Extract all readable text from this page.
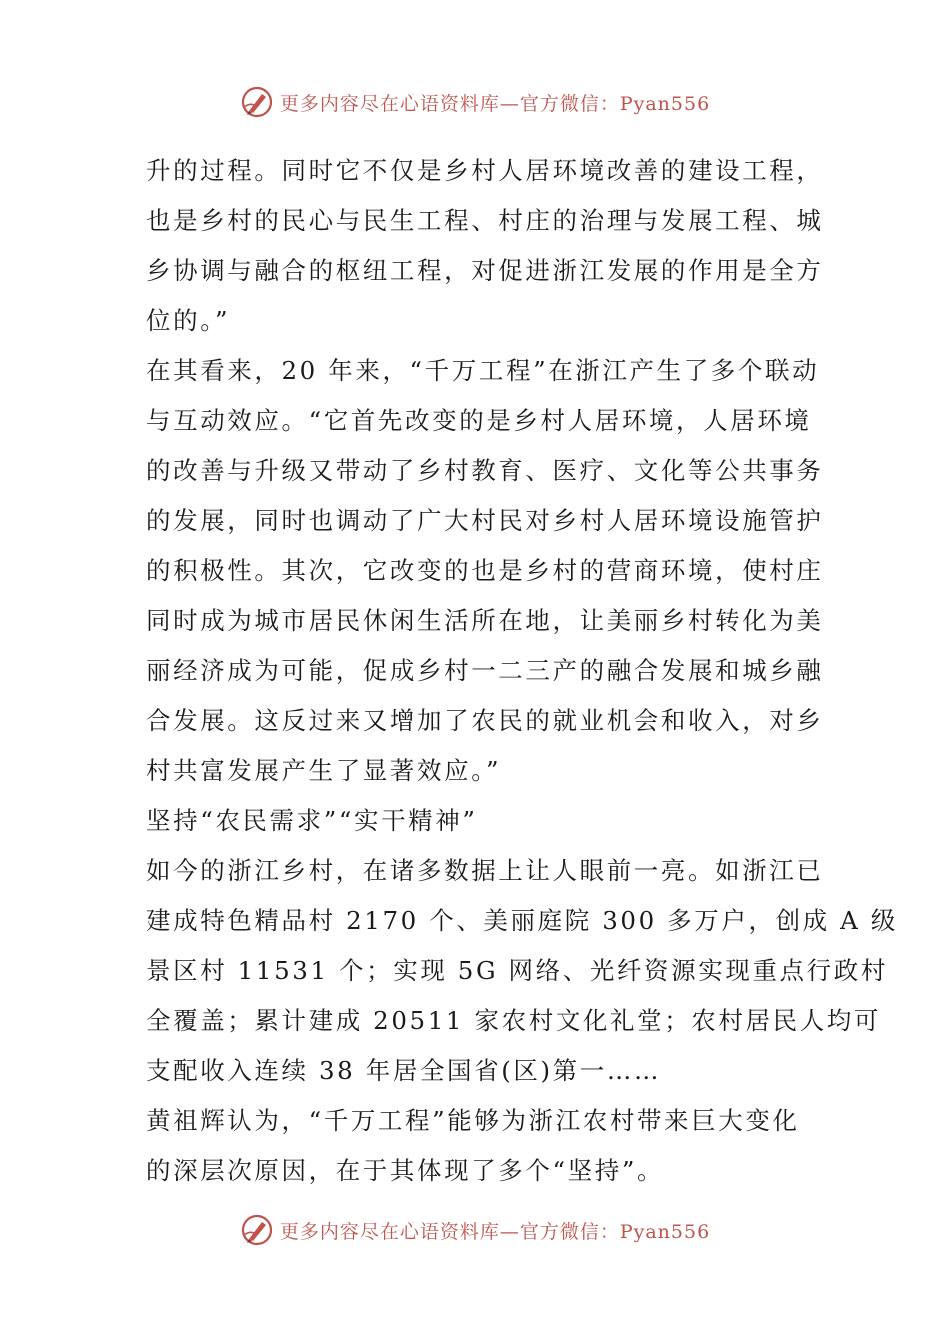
更多内容尽在心语资料库—官方微信：Pyan556
升的过程。同时它不仅是乡村人居环境改善的建设工程，
也是乡村的民心与民生工程、村庄的治理与发展工程、城
乡协调与融合的枢纽工程，对促进浙江发展的作用是全方
位的。”
在其看来，20 年来，“千万工程”在浙江产生了多个联动
与互动效应。“它首先改变的是乡村人居环境，人居环境
的改善与升级又带动了乡村教育、医疗、文化等公共事务
的发展，同时也调动了广大村民对乡村人居环境设施管护
的积极性。其次，它改变的也是乡村的营商环境，使村庄
同时成为城市居民休闲生活所在地，让美丽乡村转化为美
丽经济成为可能，促成乡村一二三产的融合发展和城乡融
合发展。这反过来又增加了农民的就业机会和收入，对乡
村共富发展产生了显著效应。”
坚持“农民需求”“实干精神”
如今的浙江乡村，在诸多数据上让人眼前一亮。如浙江已
建成特色精品村 2170 个、美丽庭院 300 多万户，创成 A 级
景区村 11531 个；实现 5G 网络、光纤资源实现重点行政村
全覆盖；累计建成 20511 家农村文化礼堂；农村居民人均可
支配收入连续 38 年居全国省(区)第一……
黄祖辉认为，“千万工程”能够为浙江农村带来巨大变化
的深层次原因，在于其体现了多个“坚持”。
更多内容尽在心语资料库—官方微信：Pyan556
